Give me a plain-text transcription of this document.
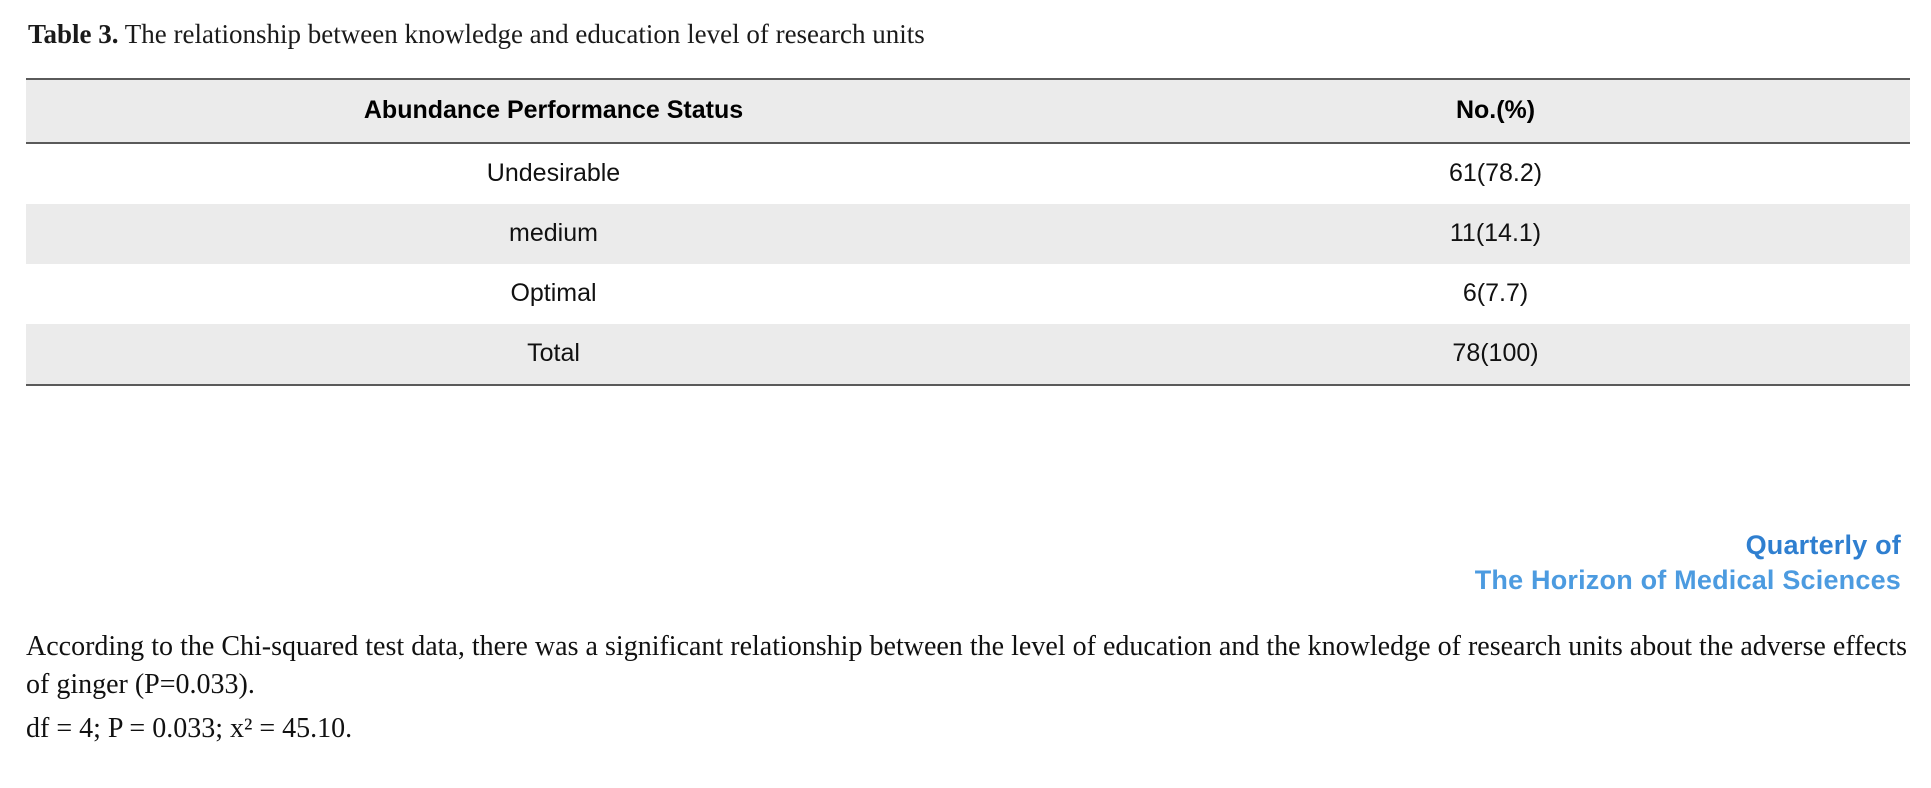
Table 3. The relationship between knowledge and education level of research units
Abundance Performance Status	No.(%)
Undesirable	61(78.2)
medium	11(14.1)
Optimal	6(7.7)
Total	78(100)
Quarterly of
The Horizon of Medical Sciences

According to the Chi-squared test data, there was a significant relationship between the level of education and the knowledge of research units about the adverse effects of ginger (P=0.033).

df = 4; P = 0.033; x² = 45.10.
